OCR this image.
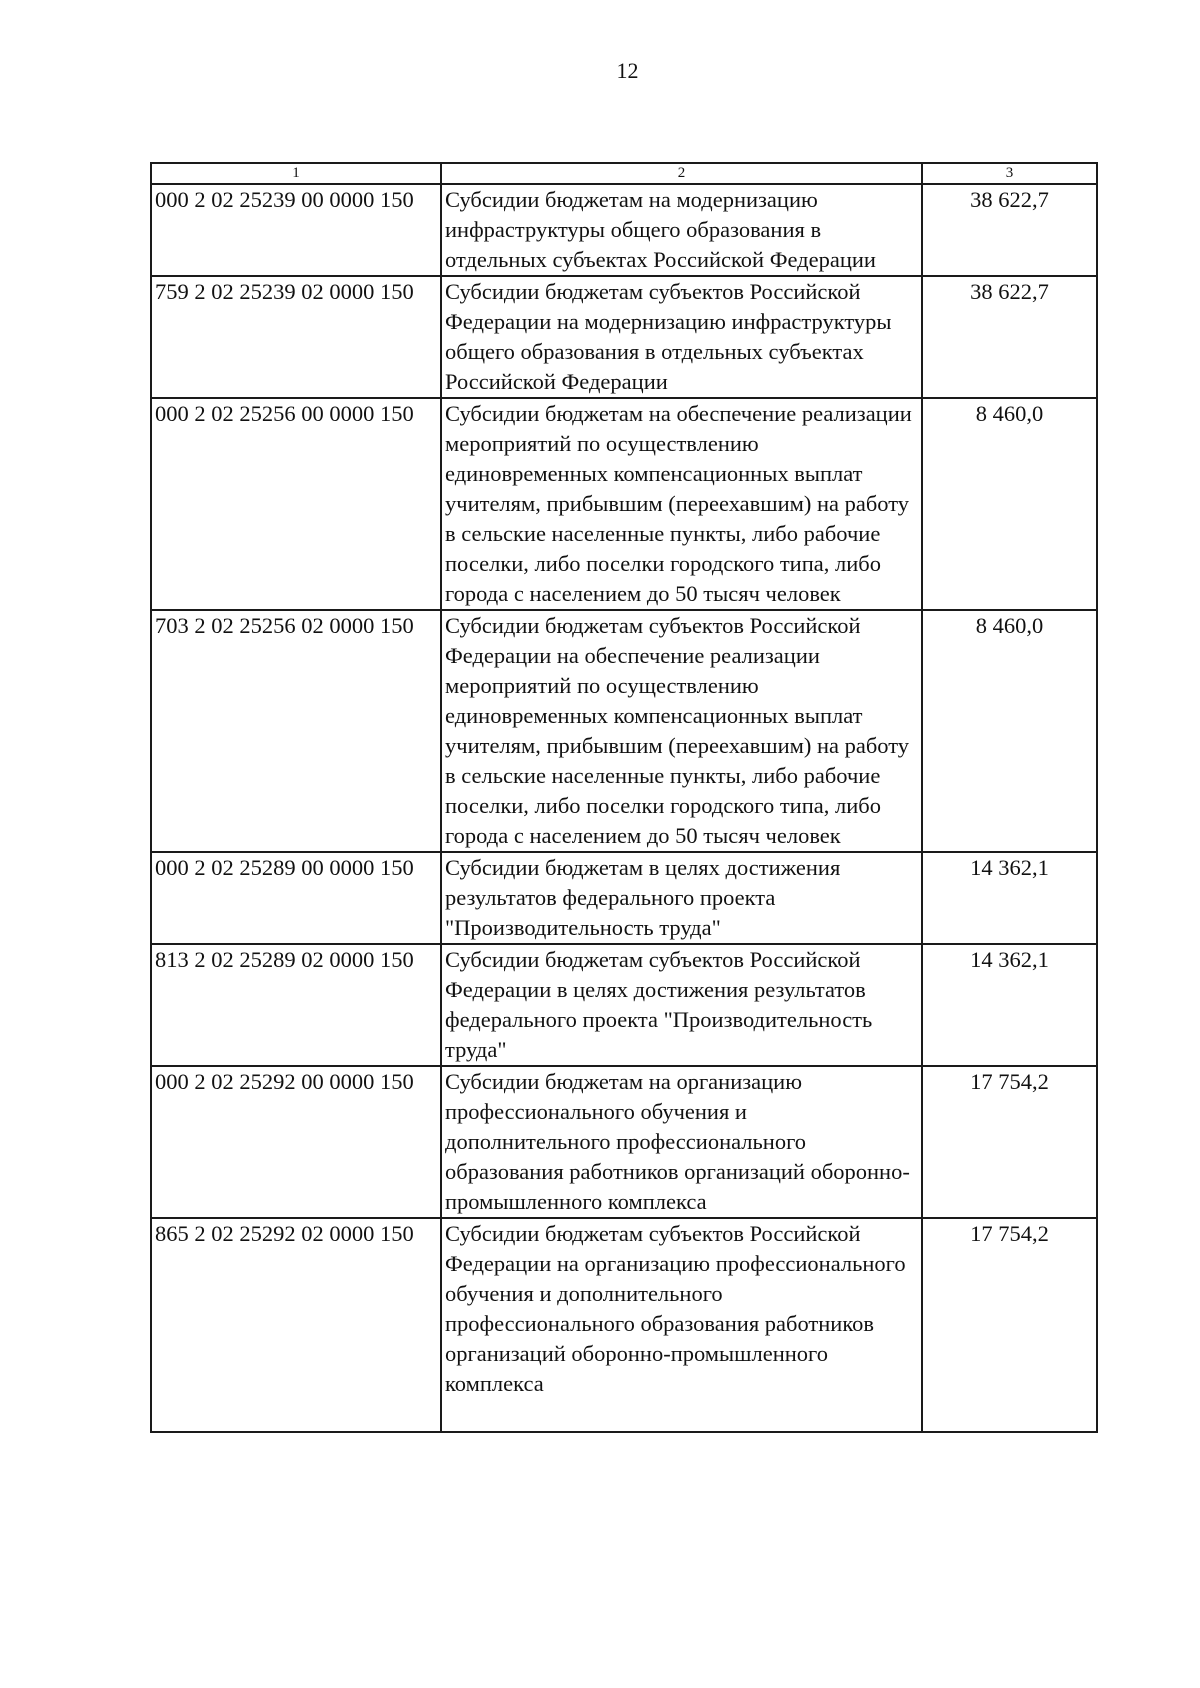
12
1	2	3
000 2 02 25239 00 0000 150	Субсидии бюджетам на модернизацию инфраструктуры общего образования в отдельных субъектах Российской Федерации	38 622,7
759 2 02 25239 02 0000 150	Субсидии бюджетам субъектов Российской Федерации на модернизацию инфраструктуры общего образования в отдельных субъектах Российской Федерации	38 622,7
000 2 02 25256 00 0000 150	Субсидии бюджетам на обеспечение реализации мероприятий по осуществлению единовременных компенсационных выплат учителям, прибывшим (переехавшим) на работу в сельские населенные пункты, либо рабочие поселки, либо поселки городского типа, либо города с населением до 50 тысяч человек	8 460,0
703 2 02 25256 02 0000 150	Субсидии бюджетам субъектов Российской Федерации на обеспечение реализации мероприятий по осуществлению единовременных компенсационных выплат учителям, прибывшим (переехавшим) на работу в сельские населенные пункты, либо рабочие поселки, либо поселки городского типа, либо города с населением до 50 тысяч человек	8 460,0
000 2 02 25289 00 0000 150	Субсидии бюджетам в целях достижения результатов федерального проекта "Производительность труда"	14 362,1
813 2 02 25289 02 0000 150	Субсидии бюджетам субъектов Российской Федерации в целях достижения результатов федерального проекта "Производительность труда"	14 362,1
000 2 02 25292 00 0000 150	Субсидии бюджетам на организацию профессионального обучения и дополнительного профессионального образования работников организаций оборонно-промышленного комплекса	17 754,2
865 2 02 25292 02 0000 150	Субсидии бюджетам субъектов Российской Федерации на организацию профессионального обучения и дополнительного профессионального образования работников организаций оборонно-промышленного комплекса	17 754,2
